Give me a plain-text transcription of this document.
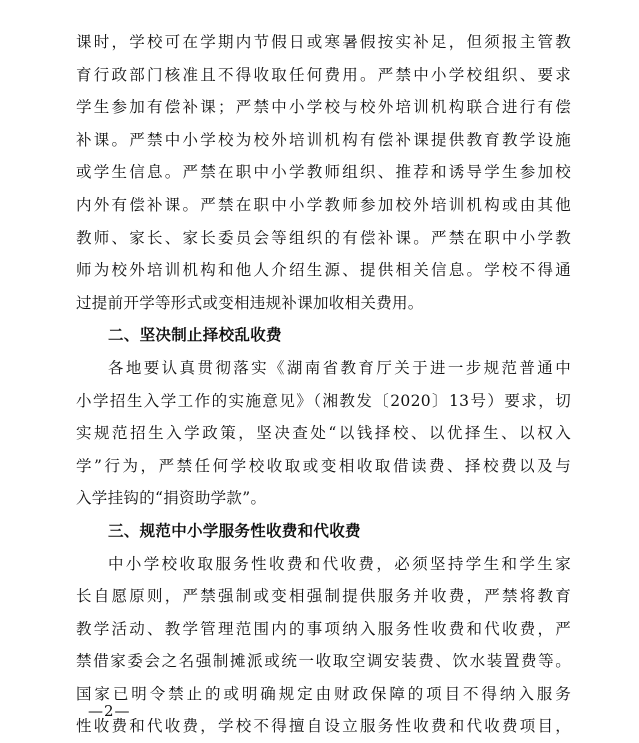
课时，学校可在学期内节假日或寒暑假按实补足，但须报主管教
育行政部门核准且不得收取任何费用。严禁中小学校组织、要求
学生参加有偿补课；严禁中小学校与校外培训机构联合进行有偿
补课。严禁中小学校为校外培训机构有偿补课提供教育教学设施
或学生信息。严禁在职中小学教师组织、推荐和诱导学生参加校
内外有偿补课。严禁在职中小学教师参加校外培训机构或由其他
教师、家长、家长委员会等组织的有偿补课。严禁在职中小学教
师为校外培训机构和他人介绍生源、提供相关信息。学校不得通
过提前开学等形式或变相违规补课加收相关费用。
二、坚决制止择校乱收费
各地要认真贯彻落实《湖南省教育厅关于进一步规范普通中
小学招生入学工作的实施意见》（湘教发〔2020〕13号）要求，切
实规范招生入学政策，坚决查处“以钱择校、以优择生、以权入
学”行为，严禁任何学校收取或变相收取借读费、择校费以及与
入学挂钩的“捐资助学款”。
三、规范中小学服务性收费和代收费
中小学校收取服务性收费和代收费，必须坚持学生和学生家
长自愿原则，严禁强制或变相强制提供服务并收费，严禁将教育
教学活动、教学管理范围内的事项纳入服务性收费和代收费，严
禁借家委会之名强制摊派或统一收取空调安装费、饮水装置费等。
国家已明令禁止的或明确规定由财政保障的项目不得纳入服务
性收费和代收费，学校不得擅自设立服务性收费和代收费项目，
—2—
